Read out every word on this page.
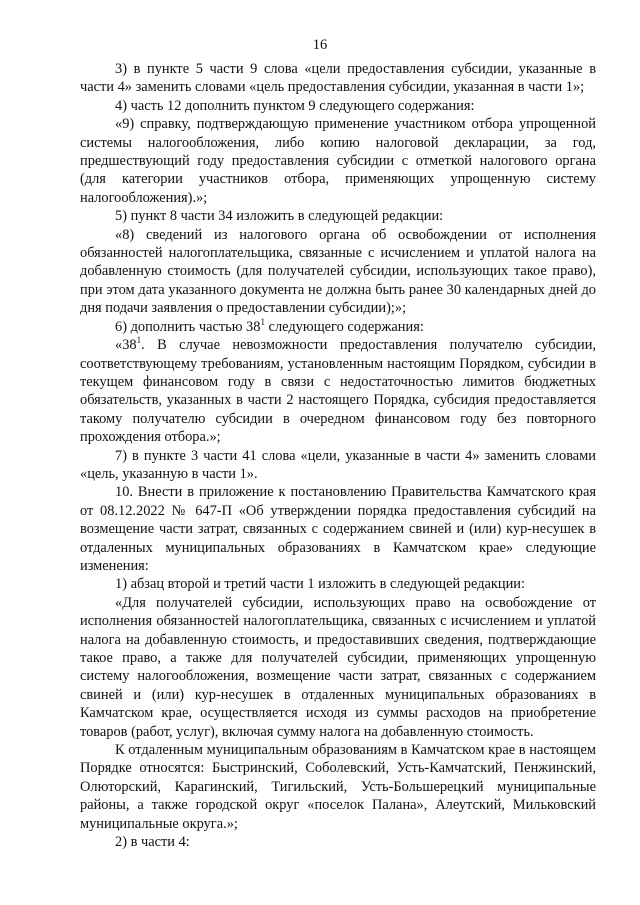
16

3) в пункте 5 части 9 слова «цели предоставления субсидии, указанные в части 4» заменить словами «цель предоставления субсидии, указанная в части 1»;

4) часть 12 дополнить пунктом 9 следующего содержания:

«9) справку, подтверждающую применение участником отбора упрощенной системы налогообложения, либо копию налоговой декларации, за год, предшествующий году предоставления субсидии с отметкой налогового органа (для категории участников отбора, применяющих упрощенную систему налогообложения).»;

5) пункт 8 части 34 изложить в следующей редакции:

«8) сведений из налогового органа об освобождении от исполнения обязанностей налогоплательщика, связанные с исчислением и уплатой налога на добавленную стоимость (для получателей субсидии, использующих такое право), при этом дата указанного документа не должна быть ранее 30 календарных дней до дня подачи заявления о предоставлении субсидии);»;

6) дополнить частью $38^1$ следующего содержания:

«$38^1$. В случае невозможности предоставления получателю субсидии, соответствующему требованиям, установленным настоящим Порядком, субсидии в текущем финансовом году в связи с недостаточностью лимитов бюджетных обязательств, указанных в части 2 настоящего Порядка, субсидия предоставляется такому получателю субсидии в очередном финансовом году без повторного прохождения отбора.»;

7) в пункте 3 части 41 слова «цели, указанные в части 4» заменить словами «цель, указанную в части 1».

10. Внести в приложение к постановлению Правительства Камчатского края от 08.12.2022 № 647-П «Об утверждении порядка предоставления субсидий на возмещение части затрат, связанных с содержанием свиней и (или) кур-несушек в отдаленных муниципальных образованиях в Камчатском крае» следующие изменения:

1) абзац второй и третий части 1 изложить в следующей редакции:

«Для получателей субсидии, использующих право на освобождение от исполнения обязанностей налогоплательщика, связанных с исчислением и уплатой налога на добавленную стоимость, и предоставивших сведения, подтверждающие такое право, а также для получателей субсидии, применяющих упрощенную систему налогообложения, возмещение части затрат, связанных с содержанием свиней и (или) кур-несушек в отдаленных муниципальных образованиях в Камчатском крае, осуществляется исходя из суммы расходов на приобретение товаров (работ, услуг), включая сумму налога на добавленную стоимость.

К отдаленным муниципальным образованиям в Камчатском крае в настоящем Порядке относятся: Быстринский, Соболевский, Усть-Камчатский, Пенжинский, Олюторский, Карагинский, Тигильский, Усть-Большерецкий муниципальные районы, а также городской округ «поселок Палана», Алеутский, Мильковский муниципальные округа.»;

2) в части 4:
